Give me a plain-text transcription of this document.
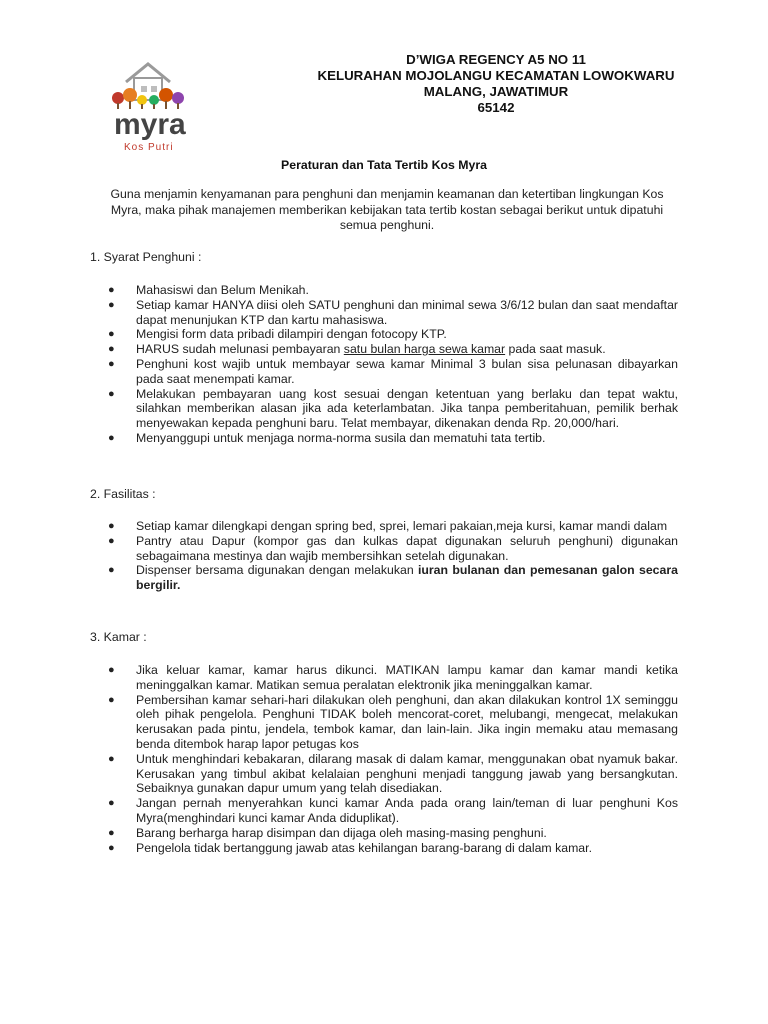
myra
Kos Putri
D’WIGA REGENCY A5 NO 11
KELURAHAN MOJOLANGU KECAMATAN LOWOKWARU
MALANG, JAWATIMUR
65142
Peraturan dan Tata Tertib Kos Myra
Guna menjamin kenyamanan para penghuni dan menjamin keamanan dan ketertiban lingkungan Kos
Myra, maka pihak manajemen memberikan kebijakan tata tertib kostan sebagai berikut untuk dipatuhi
semua penghuni.
1. Syarat Penghuni :
● Mahasiswi dan Belum Menikah.
● Setiap kamar HANYA diisi oleh SATU penghuni dan minimal sewa 3/6/12 bulan dan saat mendaftar dapat menunjukan KTP dan kartu mahasiswa.
● Mengisi form data pribadi dilampiri dengan fotocopy KTP.
● HARUS sudah melunasi pembayaran satu bulan harga sewa kamar pada saat masuk.
● Penghuni kost wajib untuk membayar sewa kamar Minimal 3 bulan sisa pelunasan dibayarkan pada saat menempati kamar.
● Melakukan pembayaran uang kost sesuai dengan ketentuan yang berlaku dan tepat waktu, silahkan memberikan alasan jika ada keterlambatan. Jika tanpa pemberitahuan, pemilik berhak menyewakan kepada penghuni baru. Telat membayar, dikenakan denda Rp. 20,000/hari.
● Menyanggupi untuk menjaga norma-norma susila dan mematuhi tata tertib.
2. Fasilitas :
● Setiap kamar dilengkapi dengan spring bed, sprei, lemari pakaian,meja kursi, kamar mandi dalam
● Pantry atau Dapur (kompor gas dan kulkas dapat digunakan seluruh penghuni) digunakan sebagaimana mestinya dan wajib membersihkan setelah digunakan.
● Dispenser bersama digunakan dengan melakukan iuran bulanan dan pemesanan galon secara bergilir.
3. Kamar :
● Jika keluar kamar, kamar harus dikunci. MATIKAN lampu kamar dan kamar mandi ketika meninggalkan kamar. Matikan semua peralatan elektronik jika meninggalkan kamar.
● Pembersihan kamar sehari-hari dilakukan oleh penghuni, dan akan dilakukan kontrol 1X seminggu oleh pihak pengelola. Penghuni TIDAK boleh mencorat-coret, melubangi, mengecat, melakukan kerusakan pada pintu, jendela, tembok kamar, dan lain-lain. Jika ingin memaku atau memasang benda ditembok harap lapor petugas kos
● Untuk menghindari kebakaran, dilarang masak di dalam kamar, menggunakan obat nyamuk bakar. Kerusakan yang timbul akibat kelalaian penghuni menjadi tanggung jawab yang bersangkutan. Sebaiknya gunakan dapur umum yang telah disediakan.
● Jangan pernah menyerahkan kunci kamar Anda pada orang lain/teman di luar penghuni Kos Myra(menghindari kunci kamar Anda diduplikat).
● Barang berharga harap disimpan dan dijaga oleh masing-masing penghuni.
● Pengelola tidak bertanggung jawab atas kehilangan barang-barang di dalam kamar.
